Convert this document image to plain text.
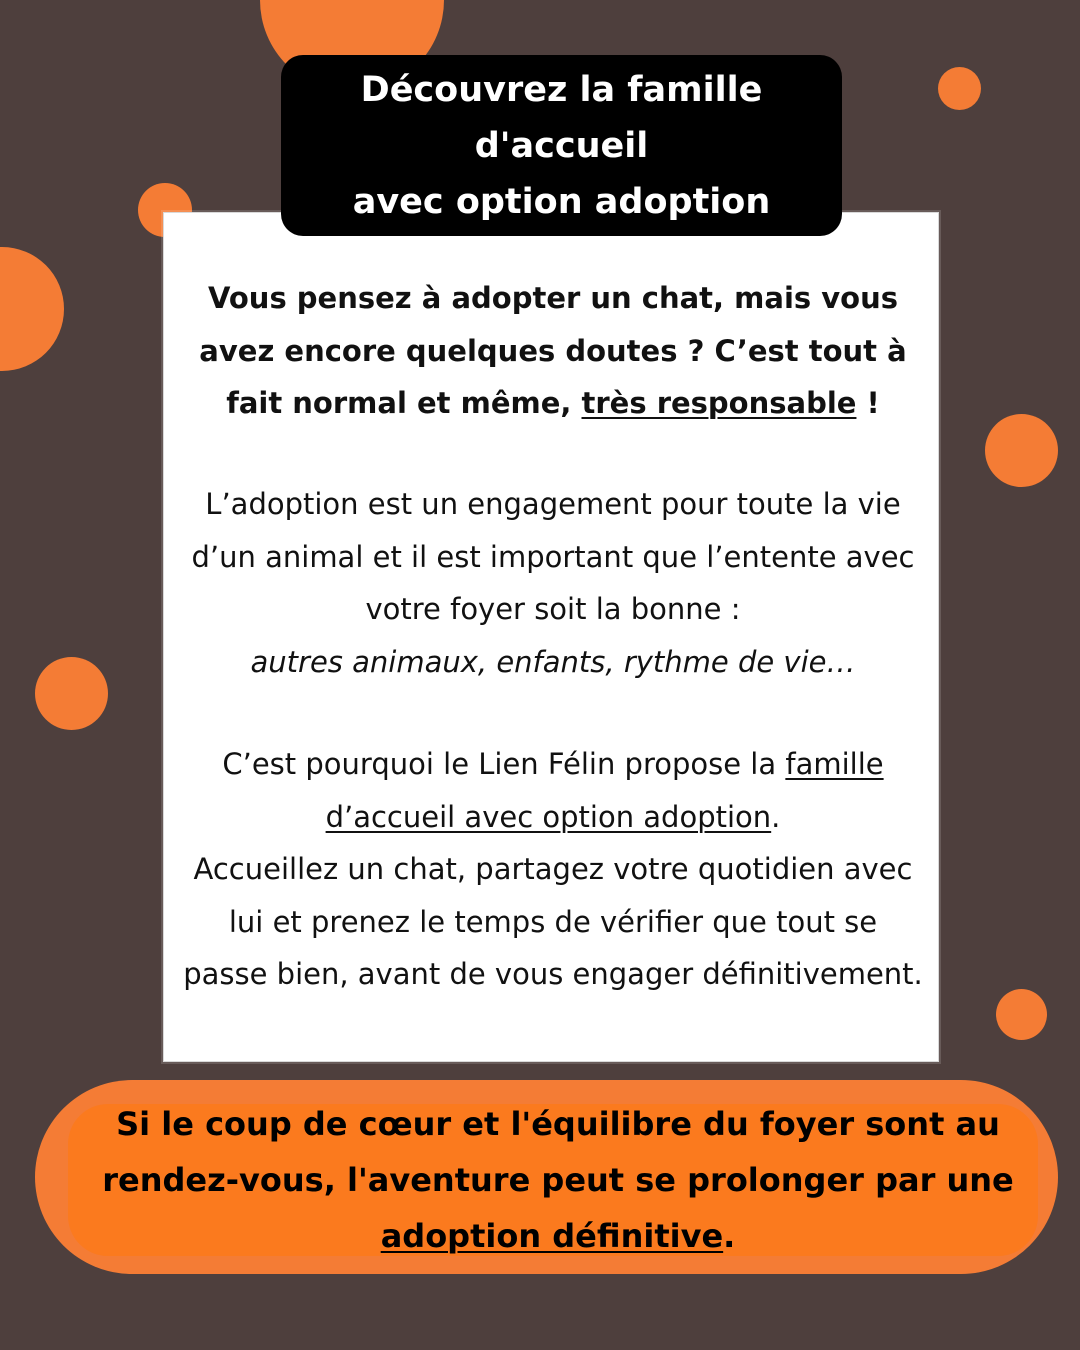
Découvrez la famille d'accueil
avec option adoption
Vous pensez à adopter un chat, mais vous avez encore quelques doutes ? C’est tout à fait normal et même, très responsable !
L’adoption est un engagement pour toute la vie d’un animal et il est important que l’entente avec votre foyer soit la bonne :
autres animaux, enfants, rythme de vie…
C’est pourquoi le Lien Félin propose la famille d’accueil avec option adoption.
Accueillez un chat, partagez votre quotidien avec lui et prenez le temps de vérifier que tout se passe bien, avant de vous engager définitivement.
Si le coup de cœur et l'équilibre du foyer sont au rendez-vous, l'aventure peut se prolonger par une adoption définitive.
